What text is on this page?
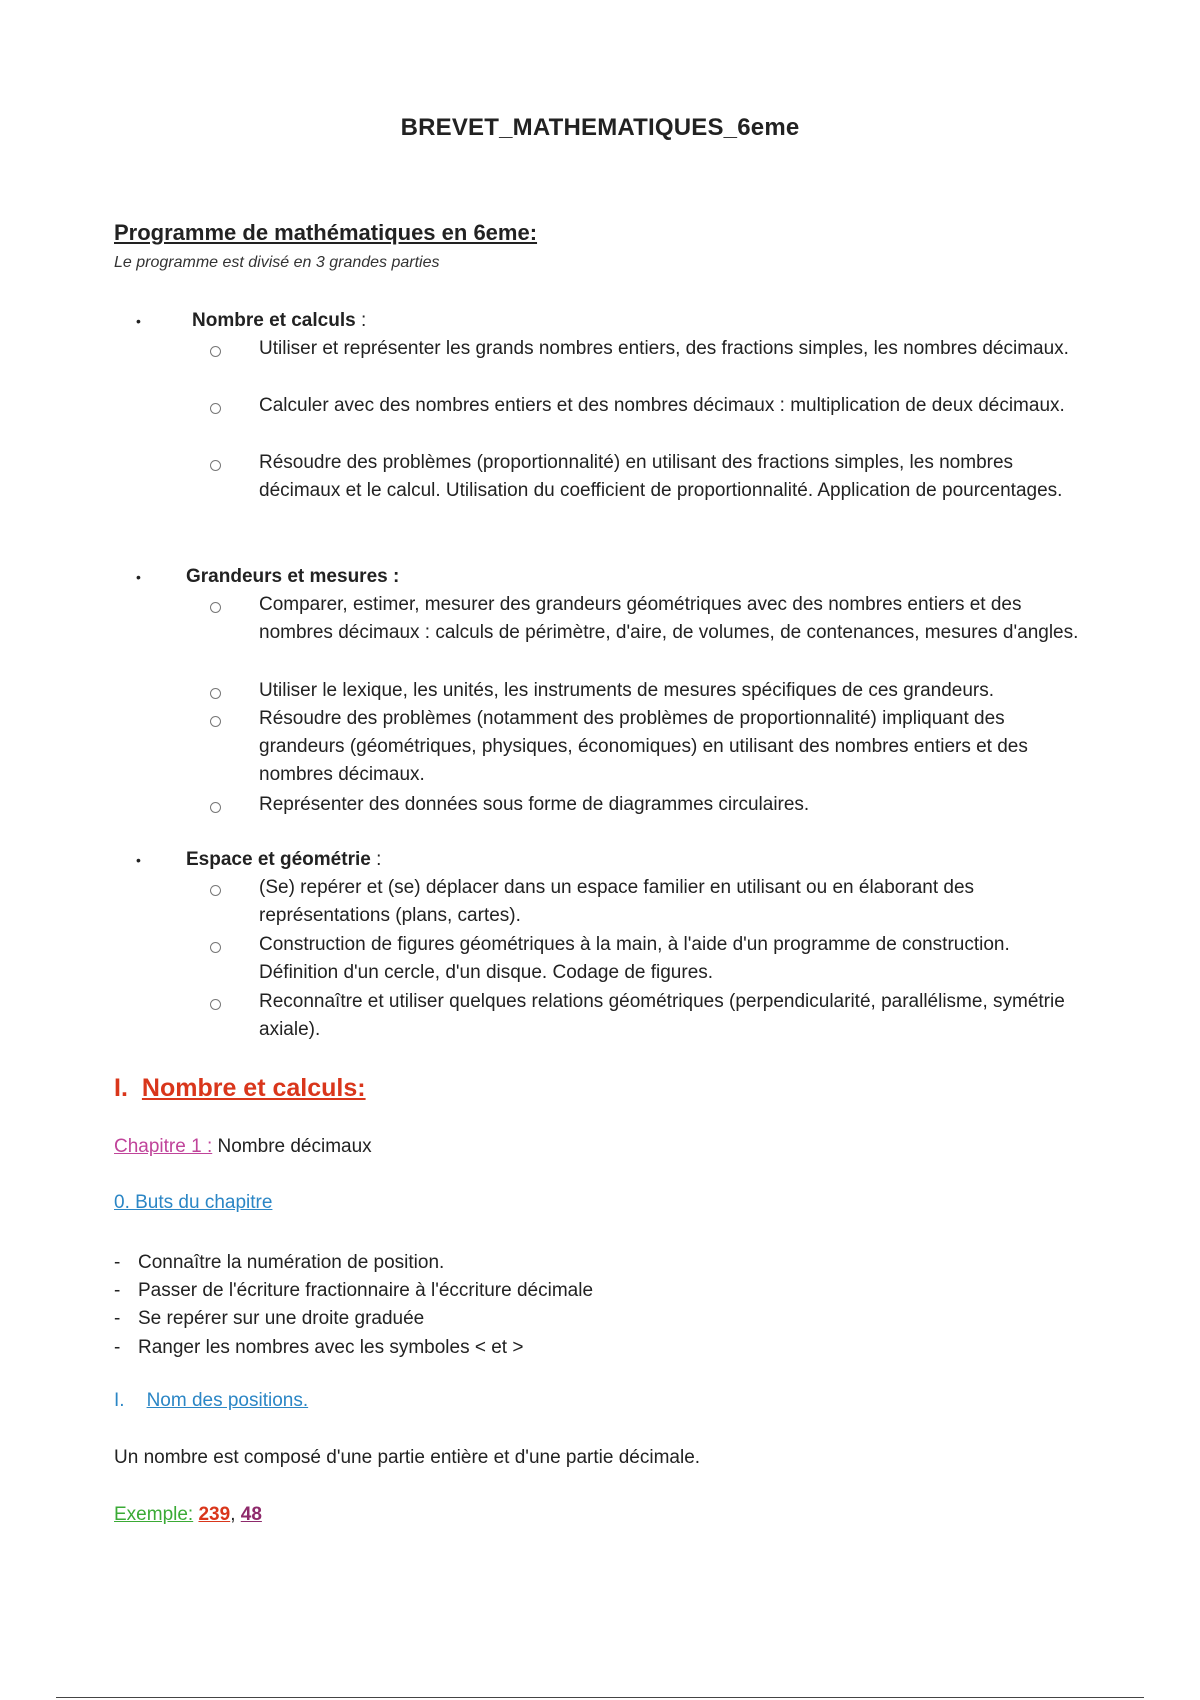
BREVET_MATHEMATIQUES_6eme
Programme de mathématiques en 6eme:
Le programme est divisé en 3 grandes parties
•	Nombre et calculs :
Utiliser et représenter les grands nombres entiers, des fractions simples, les nombres décimaux.
Calculer avec des nombres entiers et des nombres décimaux : multiplication de deux décimaux.
Résoudre des problèmes (proportionnalité) en utilisant des fractions simples, les nombres décimaux et le calcul. Utilisation du coefficient de proportionnalité. Application de pourcentages.
• Grandeurs et mesures :
Comparer, estimer, mesurer des grandeurs géométriques avec des nombres entiers et des nombres décimaux : calculs de périmètre, d'aire, de volumes, de contenances, mesures d'angles.
Utiliser le lexique, les unités, les instruments de mesures spécifiques de ces grandeurs.
Résoudre des problèmes (notamment des problèmes de proportionnalité) impliquant des grandeurs (géométriques, physiques, économiques) en utilisant des nombres entiers et des nombres décimaux.
Représenter des données sous forme de diagrammes circulaires.
• Espace et géométrie :
(Se) repérer et (se) déplacer dans un espace familier en utilisant ou en élaborant des représentations (plans, cartes).
Construction de figures géométriques à la main, à l'aide d'un programme de construction. Définition d'un cercle, d'un disque. Codage de figures.
Reconnaître et utiliser quelques relations géométriques (perpendicularité, parallélisme, symétrie axiale).
I. Nombre et calculs:
Chapitre 1 : Nombre décimaux
0. Buts du chapitre
- Connaître la numération de position.
- Passer de l'écriture fractionnaire à l'éccriture décimale
- Se repérer sur une droite graduée
- Ranger les nombres avec les symboles < et >
I. Nom des positions.
Un nombre est composé d'une partie entière et d'une partie décimale.
Exemple: 239, 48
